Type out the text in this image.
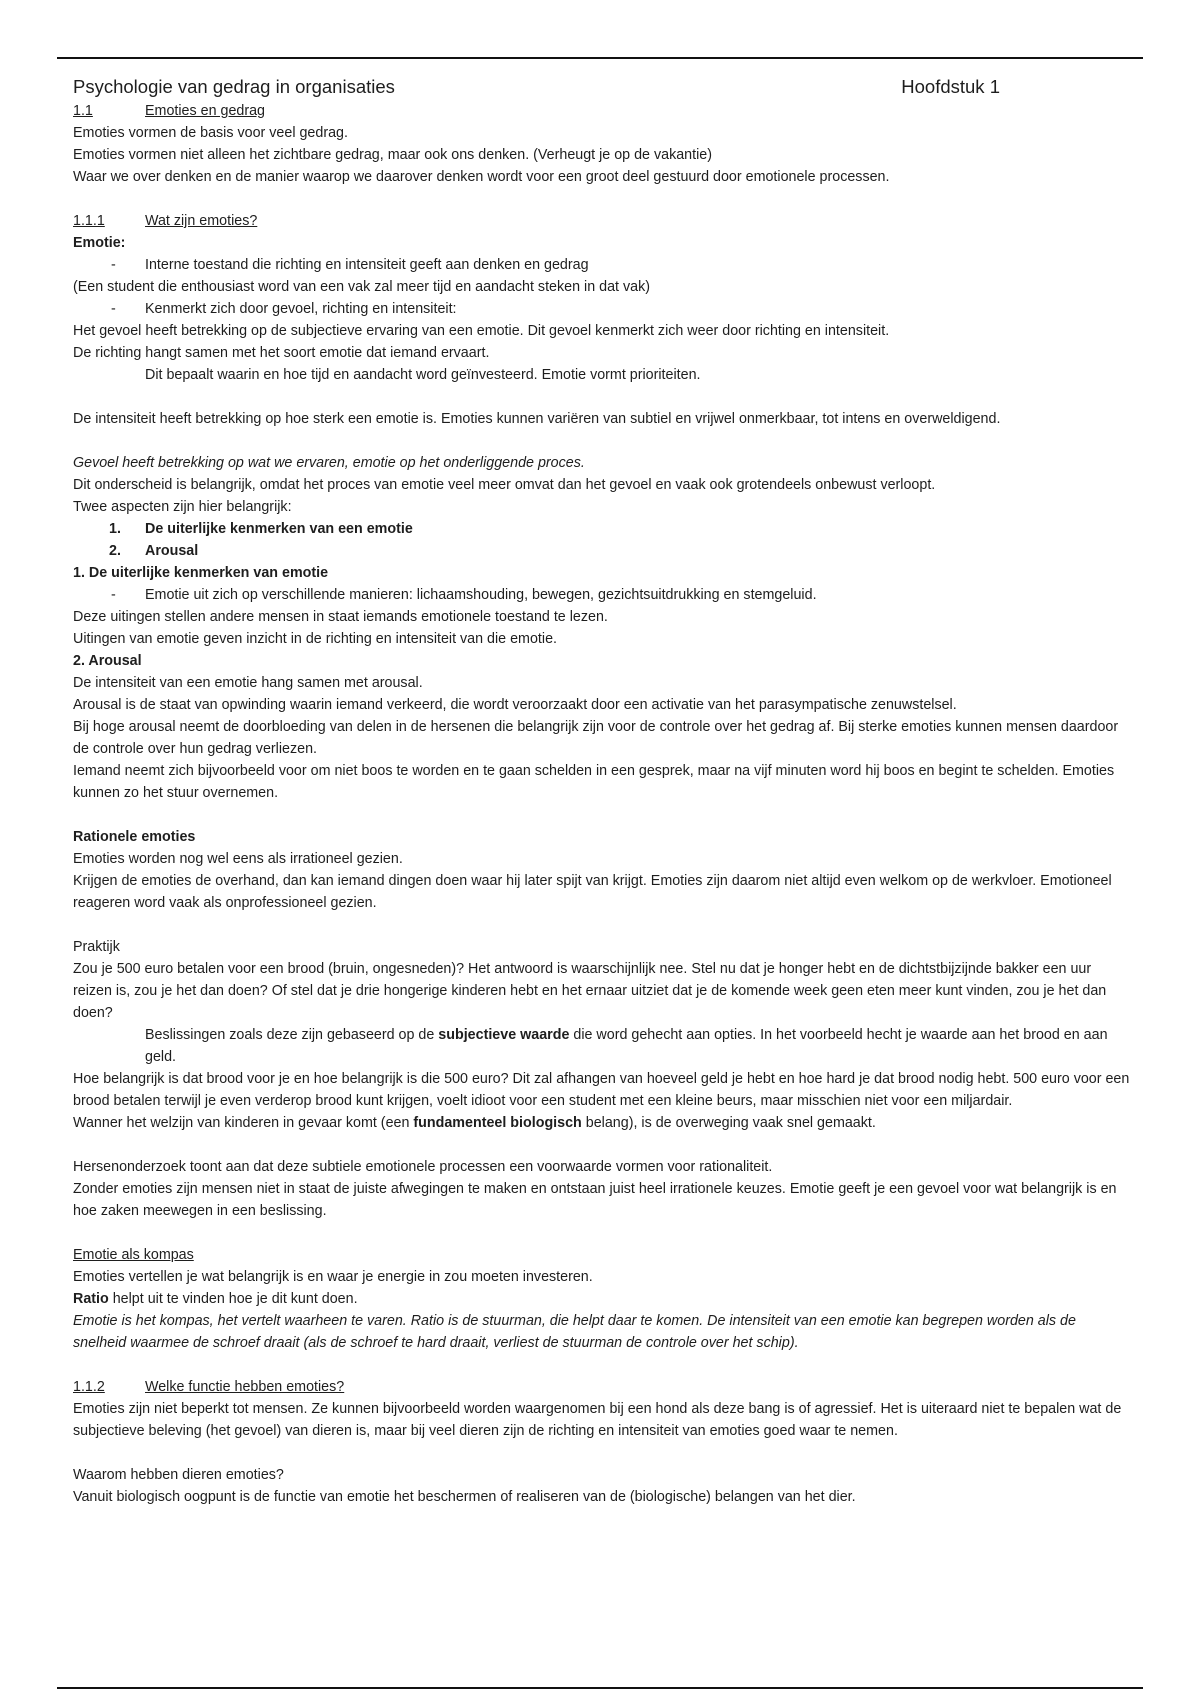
Psychologie van gedrag in organisaties	Hoofdstuk 1
1.1	Emoties en gedrag

Emoties vormen de basis voor veel gedrag.

Emoties vormen niet alleen het zichtbare gedrag, maar ook ons denken. (Verheugt je op de vakantie)

Waar we over denken en de manier waarop we daarover denken wordt voor een groot deel gestuurd door emotionele processen.

1.1.1	Wat zijn emoties?

Emotie:

- Interne toestand die richting en intensiteit geeft aan denken en gedrag

(Een student die enthousiast word van een vak zal meer tijd en aandacht steken in dat vak)

- Kenmerkt zich door gevoel, richting en intensiteit:

Het gevoel heeft betrekking op de subjectieve ervaring van een emotie. Dit gevoel kenmerkt zich weer door richting en intensiteit.

De richting hangt samen met het soort emotie dat iemand ervaart.

Dit bepaalt waarin en hoe tijd en aandacht word geïnvesteerd. Emotie vormt prioriteiten.

De intensiteit heeft betrekking op hoe sterk een emotie is. Emoties kunnen variëren van subtiel en vrijwel onmerkbaar, tot intens en overweldigend.

Gevoel heeft betrekking op wat we ervaren, emotie op het onderliggende proces.

Dit onderscheid is belangrijk, omdat het proces van emotie veel meer omvat dan het gevoel en vaak ook grotendeels onbewust verloopt.

Twee aspecten zijn hier belangrijk:

1. De uiterlijke kenmerken van een emotie

2. Arousal

1. De uiterlijke kenmerken van emotie

- Emotie uit zich op verschillende manieren: lichaamshouding, bewegen, gezichtsuitdrukking en stemgeluid.

Deze uitingen stellen andere mensen in staat iemands emotionele toestand te lezen.

Uitingen van emotie geven inzicht in de richting en intensiteit van die emotie.

2. Arousal

De intensiteit van een emotie hang samen met arousal.

Arousal is de staat van opwinding waarin iemand verkeerd, die wordt veroorzaakt door een activatie van het parasympatische zenuwstelsel.

Bij hoge arousal neemt de doorbloeding van delen in de hersenen die belangrijk zijn voor de controle over het gedrag af. Bij sterke emoties kunnen mensen daardoor de controle over hun gedrag verliezen.

Iemand neemt zich bijvoorbeeld voor om niet boos te worden en te gaan schelden in een gesprek, maar na vijf minuten word hij boos en begint te schelden. Emoties kunnen zo het stuur overnemen.

Rationele emoties

Emoties worden nog wel eens als irrationeel gezien.

Krijgen de emoties de overhand, dan kan iemand dingen doen waar hij later spijt van krijgt. Emoties zijn daarom niet altijd even welkom op de werkvloer. Emotioneel reageren word vaak als onprofessioneel gezien.

Praktijk

Zou je 500 euro betalen voor een brood (bruin, ongesneden)? Het antwoord is waarschijnlijk nee. Stel nu dat je honger hebt en de dichtstbijzijnde bakker een uur reizen is, zou je het dan doen? Of stel dat je drie hongerige kinderen hebt en het ernaar uitziet dat je de komende week geen eten meer kunt vinden, zou je het dan doen?

Beslissingen zoals deze zijn gebaseerd op de subjectieve waarde die word gehecht aan opties. In het voorbeeld hecht je waarde aan het brood en aan geld.

Hoe belangrijk is dat brood voor je en hoe belangrijk is die 500 euro? Dit zal afhangen van hoeveel geld je hebt en hoe hard je dat brood nodig hebt. 500 euro voor een brood betalen terwijl je even verderop brood kunt krijgen, voelt idioot voor een student met een kleine beurs, maar misschien niet voor een miljardair.

Wanner het welzijn van kinderen in gevaar komt (een fundamenteel biologisch belang), is de overweging vaak snel gemaakt.

Hersenonderzoek toont aan dat deze subtiele emotionele processen een voorwaarde vormen voor rationaliteit.

Zonder emoties zijn mensen niet in staat de juiste afwegingen te maken en ontstaan juist heel irrationele keuzes. Emotie geeft je een gevoel voor wat belangrijk is en hoe zaken meewegen in een beslissing.

Emotie als kompas

Emoties vertellen je wat belangrijk is en waar je energie in zou moeten investeren.

Ratio helpt uit te vinden hoe je dit kunt doen.

Emotie is het kompas, het vertelt waarheen te varen. Ratio is de stuurman, die helpt daar te komen. De intensiteit van een emotie kan begrepen worden als de snelheid waarmee de schroef draait (als de schroef te hard draait, verliest de stuurman de controle over het schip).

1.1.2	Welke functie hebben emoties?

Emoties zijn niet beperkt tot mensen. Ze kunnen bijvoorbeeld worden waargenomen bij een hond als deze bang is of agressief. Het is uiteraard niet te bepalen wat de subjectieve beleving (het gevoel) van dieren is, maar bij veel dieren zijn de richting en intensiteit van emoties goed waar te nemen.

Waarom hebben dieren emoties?

Vanuit biologisch oogpunt is de functie van emotie het beschermen of realiseren van de (biologische) belangen van het dier.
